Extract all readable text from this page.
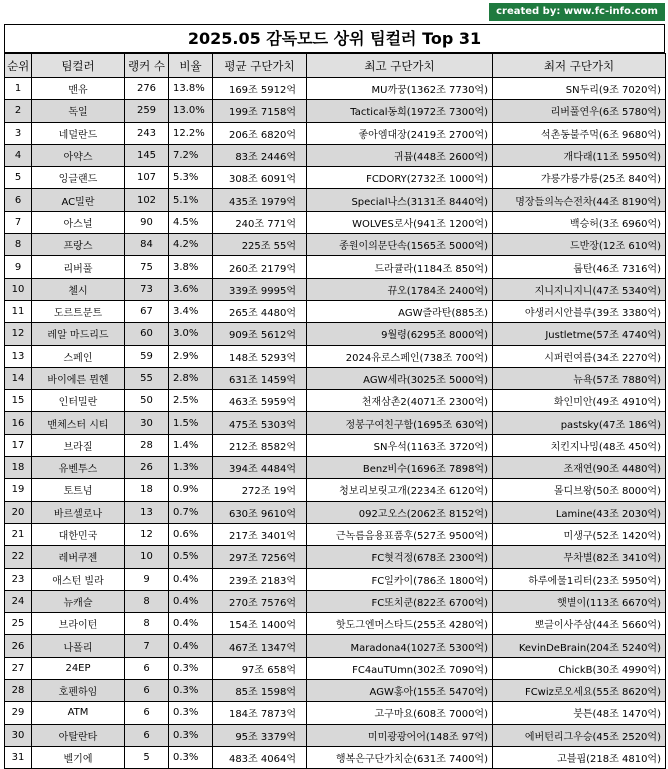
created by: www.fc-info.com
2025.05 감독모드 상위 팀컬러 Top 31
순위	팀컬러	랭커 수	비율	평균 구단가치	최고 구단가치	최저 구단가치
1	맨유	276	13.8%	169조 5912억	MU까꿍(1362조 7730억)	SN두리(9조 7020억)
2	독일	259	13.0%	199조 7158억	Tactical동희(1972조 7300억)	리버풀연우(6조 5780억)
3	네덜란드	243	12.2%	206조 6820억	좋아엠대장(2419조 2700억)	석촌동불주먹(6조 9680억)
4	아약스	145	7.2%	83조 2446억	귀뮴(448조 2600억)	개다래(11조 5950억)
5	잉글랜드	107	5.3%	308조 6091억	FCDORY(2732조 1000억)	갸릉갸릉갸릉(25조 840억)
6	AC밀란	102	5.1%	435조 1979억	Special나스(3131조 8440억)	명장들의녹슨전차(44조 8190억)
7	아스널	90	4.5%	240조 771억	WOLVES로사(941조 1200억)	백승허(3조 6960억)
8	프랑스	84	4.2%	225조 55억	종원이의문단속(1565조 5000억)	드반장(12조 610억)
9	리버풀	75	3.8%	260조 2179억	드라큘라(1184조 850억)	룹탄(46조 7316억)
10	첼시	73	3.6%	339조 9995억	뀨오(1784조 2400억)	지니지니지니(47조 5340억)
11	도르트문트	67	3.4%	265조 4480억	AGW즐라탄(885조)	야생러시안블루(39조 3380억)
12	레알 마드리드	60	3.0%	909조 5612억	9월령(6295조 8000억)	Justletme(57조 4740억)
13	스페인	59	2.9%	148조 5293억	2024유로스페인(738조 700억)	시퍼런여름(34조 2270억)
14	바이에른 뮌헨	55	2.8%	631조 1459억	AGW세라(3025조 5000억)	뉴욕(57조 7880억)
15	인터밀란	50	2.5%	463조 5959억	천재삼촌2(4071조 2300억)	화인미안(49조 4910억)
16	맨체스터 시티	30	1.5%	475조 5303억	정봉구여친구함(1695조 630억)	pastsky(47조 186억)
17	브라질	28	1.4%	212조 8582억	SN우석(1163조 3720억)	치킨지나밍(48조 450억)
18	유벤투스	26	1.3%	394조 4484억	Benz비수(1696조 7898억)	조재연(90조 4480억)
19	토트넘	18	0.9%	272조 19억	청보리보릿고개(2234조 6120억)	몰디브왕(50조 8000억)
20	바르셀로나	13	0.7%	630조 9610억	092고오스(2062조 8152억)	Lamine(43조 2030억)
21	대한민국	12	0.6%	217조 3401억	근녹름음용표품후(527조 9500억)	미생구(52조 1420억)
22	레버쿠젠	10	0.5%	297조 7256억	FC혓걱정(678조 2300억)	무차별(82조 3410억)
23	애스턴 빌라	9	0.4%	239조 2183억	FC일카이(786조 1800억)	하루에물1리터(23조 5950억)
24	뉴캐슬	8	0.4%	270조 7576억	FC또치쿤(822조 6700억)	햇볕이(113조 6670억)
25	브라이턴	8	0.4%	154조 1400억	핫도그엔머스타드(255조 4280억)	뽀글이사주삼(44조 5660억)
26	나폴리	7	0.4%	467조 1347억	Maradona4(1027조 5300억)	KevinDeBrain(204조 5240억)
27	24EP	6	0.3%	97조 658억	FC4auTUmn(302조 7090억)	ChickB(30조 4990억)
28	호펜하임	6	0.3%	85조 1598억	AGW홍아(155조 5470억)	FCwiz로오세요(55조 8620억)
29	ATM	6	0.3%	184조 7873억	고구마요(608조 7000억)	붓튼(48조 1470억)
30	아탈란타	6	0.3%	95조 3379억	미미광광어어(148조 97억)	에버턴리그우승(45조 2520억)
31	벨기에	5	0.3%	483조 4064억	행복은구단가치순(631조 7400억)	고블핍(218조 4810억)
